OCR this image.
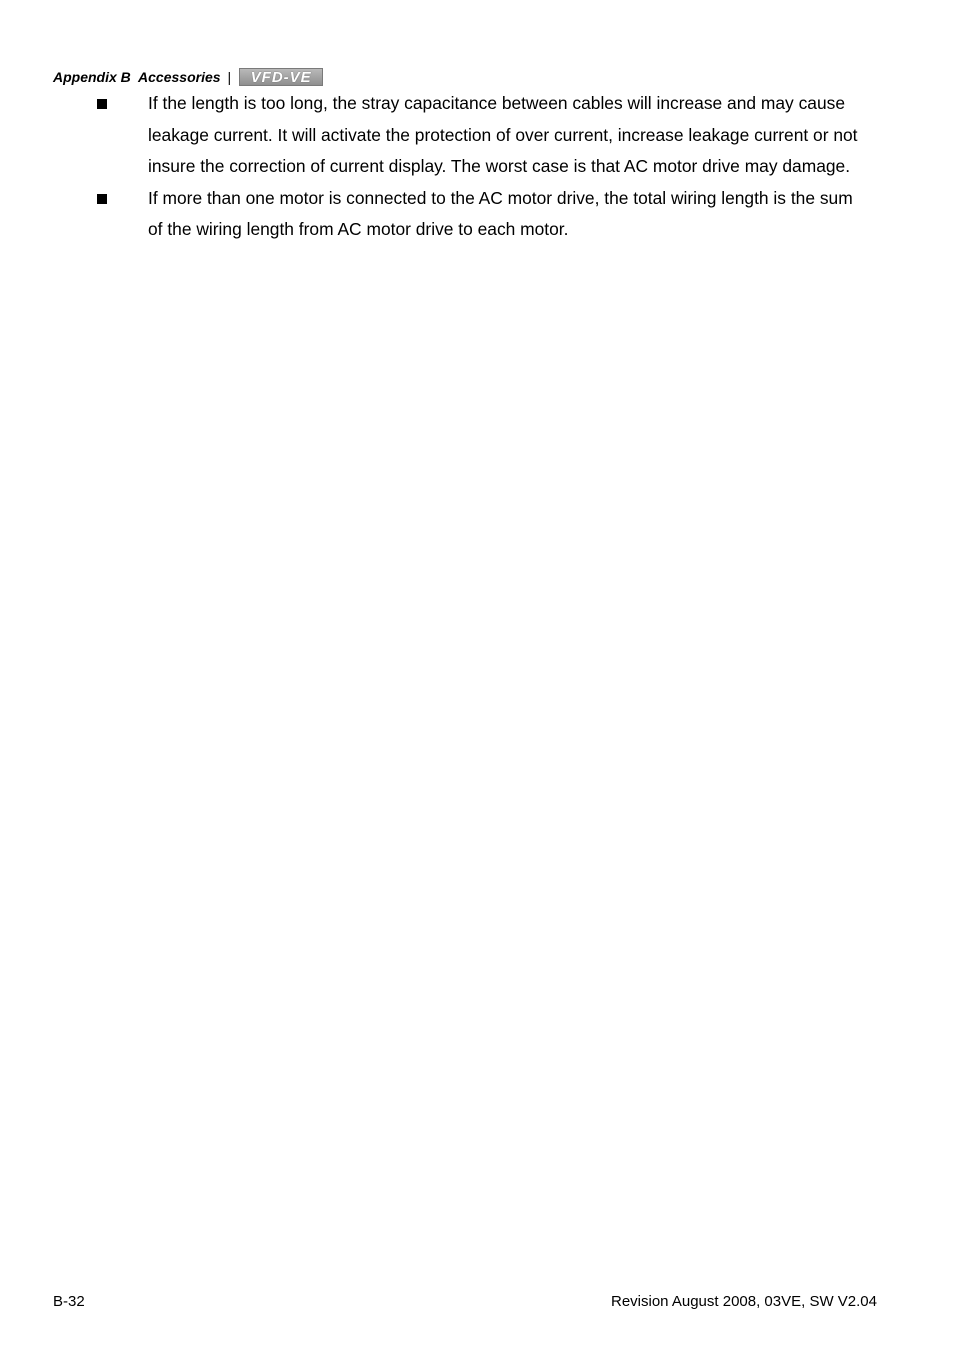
Appendix B  Accessories | VFD-VE
If the length is too long, the stray capacitance between cables will increase and may cause leakage current. It will activate the protection of over current, increase leakage current or not insure the correction of current display. The worst case is that AC motor drive may damage.
If more than one motor is connected to the AC motor drive, the total wiring length is the sum of the wiring length from AC motor drive to each motor.
B-32	Revision August 2008, 03VE, SW V2.04
